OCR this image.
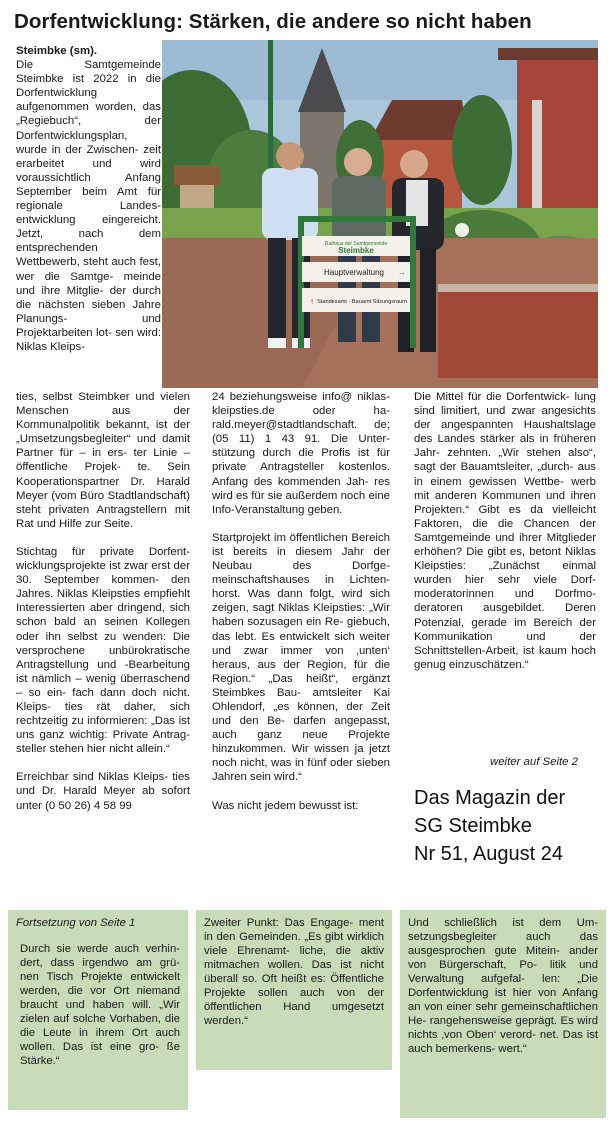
Dorfentwicklung: Stärken, die andere so nicht haben
Steimbke (sm).
Die Samtgemeinde Steimbke ist 2022 in die Dorfentwicklung aufgenommen worden, das „Regiebuch“, der Dorfentwicklungsplan, wurde in der Zwischen- zeit erarbeitet und wird voraussichtlich Anfang September beim Amt für regionale Landes- entwicklung eingereicht. Jetzt, nach dem entsprechenden Wettbewerb, steht auch fest, wer die Samtge- meinde und ihre Mitglie- der durch die nächsten sieben Jahre Planungs- und Projektarbeiten lot- sen wird: Niklas Kleips-
Rathaus der Samtgemeinde
Steimbke
Hauptverwaltung →
↑ Standesamt · Bauamt Sitzungsraum

ties, selbst Steimbker und vielen Menschen aus der Kommunalpolitik bekannt, ist der „Umsetzungsbegleiter“ und damit Partner für – in ers- ter Linie – öffentliche Projek- te. Sein Kooperationspartner Dr. Harald Meyer (vom Büro Stadtlandschaft) steht privaten Antragstellern mit Rat und Hilfe zur Seite.

Stichtag für private Dorfent- wicklungsprojekte ist zwar erst der 30. September kommen- den Jahres. Niklas Kleipsties empfiehlt Interessierten aber dringend, sich schon bald an seinen Kollegen oder ihn selbst zu wenden: Die versprochene unbürokratische Antragstellung und -Bearbeitung ist nämlich – wenig überraschend – so ein- fach dann doch nicht. Kleips- ties rät daher, sich rechtzeitig zu informieren: „Das ist uns ganz wichtig: Private Antrag- steller stehen hier nicht allein.“

Erreichbar sind Niklas Kleips- ties und Dr. Harald Meyer ab sofort unter (0 50 26) 4 58 99

24 beziehungsweise info@ niklas-kleipsties.de oder ha- rald.meyer@stadtlandschaft. de; (05 11) 1 43 91. Die Unter- stützung durch die Profis ist für private Antragsteller kostenlos. Anfang des kommenden Jah- res wird es für sie außerdem noch eine Info-Veranstaltung geben.

Startprojekt im öffentlichen Bereich ist bereits in diesem Jahr der Neubau des Dorfge- meinschaftshauses in Lichten- horst. Was dann folgt, wird sich zeigen, sagt Niklas Kleipsties: „Wir haben sozusagen ein Re- giebuch, das lebt. Es entwickelt sich weiter und zwar immer von ‚unten‘ heraus, aus der Region, für die Region.“ „Das heißt“, ergänzt Steimbkes Bau- amtsleiter Kai Ohlendorf, „es können, der Zeit und den Be- darfen angepasst, auch ganz neue Projekte hinzukommen. Wir wissen ja jetzt noch nicht, was in fünf oder sieben Jahren sein wird.“

Was nicht jedem bewusst ist:

Die Mittel für die Dorfentwick- lung sind limitiert, und zwar angesichts der angespannten Haushaltslage des Landes stärker als in früheren Jahr- zehnten. „Wir stehen also“, sagt der Bauamtsleiter, „durch- aus in einem gewissen Wettbe- werb mit anderen Kommunen und ihren Projekten.“ Gibt es da vielleicht Faktoren, die die Chancen der Samtgemeinde und ihrer Mitglieder erhöhen? Die gibt es, betont Niklas Kleipsties: „Zunächst einmal wurden hier sehr viele Dorf- moderatorinnen und Dorfmo- deratoren ausgebildet. Deren Potenzial, gerade im Bereich der Kommunikation und der Schnittstellen-Arbeit, ist kaum hoch genug einzuschätzen.“

weiter auf Seite 2
Das Magazin der
SG Steimbke
Nr 51, August 24
Fortsetzung von Seite 1
Durch sie werde auch verhin- dert, dass irgendwo am grü- nen Tisch Projekte entwickelt werden, die vor Ort niemand braucht und haben will. „Wir zielen auf solche Vorhaben, die die Leute in ihrem Ort auch wollen. Das ist eine gro- ße Stärke.“
Zweiter Punkt: Das Engage- ment in den Gemeinden. „Es gibt wirklich viele Ehrenamt- liche, die aktiv mitmachen wollen. Das ist nicht überall so. Oft heißt es: Öffentliche Projekte sollen auch von der öffentlichen Hand umgesetzt werden.“
Und schließlich ist dem Um- setzungsbegleiter auch das ausgesprochen gute Mitein- ander von Bürgerschaft, Po- litik und Verwaltung aufgefal- len: „Die Dorfentwicklung ist hier von Anfang an von einer sehr gemeinschaftlichen He- rangehensweise geprägt. Es wird nichts ‚von Oben‘ verord- net. Das ist auch bemerkens- wert.“
